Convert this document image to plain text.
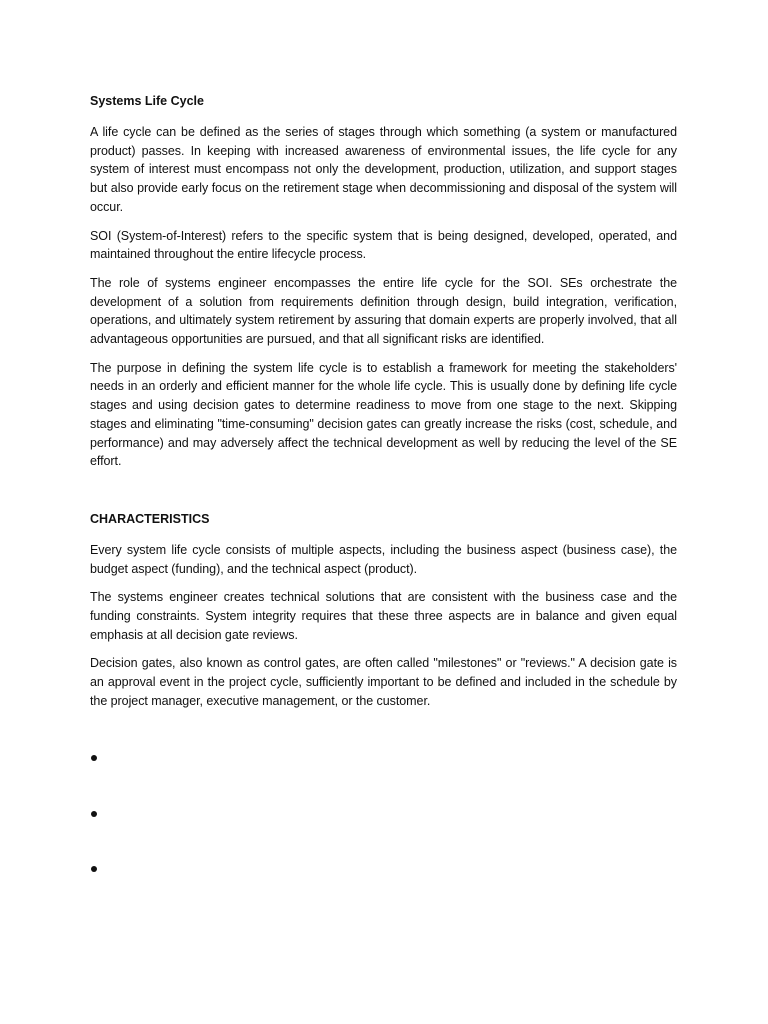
Systems Life Cycle

A life cycle can be defined as the series of stages through which something (a system or manufactured product) passes. In keeping with increased awareness of environmental issues, the life cycle for any system of interest must encompass not only the development, production, utilization, and support stages but also provide early focus on the retirement stage when decommissioning and disposal of the system will occur.

SOI (System-of-Interest) refers to the specific system that is being designed, developed, operated, and maintained throughout the entire lifecycle process.

The role of systems engineer encompasses the entire life cycle for the SOI. SEs orchestrate the development of a solution from requirements definition through design, build integration, verification, operations, and ultimately system retirement by assuring that domain experts are properly involved, that all advantageous opportunities are pursued, and that all significant risks are identified.

The purpose in defining the system life cycle is to establish a framework for meeting the stakeholders' needs in an orderly and efficient manner for the whole life cycle. This is usually done by defining life cycle stages and using decision gates to determine readiness to move from one stage to the next. Skipping stages and eliminating "time-consuming" decision gates can greatly increase the risks (cost, schedule, and performance) and may adversely affect the technical development as well by reducing the level of the SE effort.

CHARACTERISTICS

Every system life cycle consists of multiple aspects, including the business aspect (business case), the budget aspect (funding), and the technical aspect (product).

The systems engineer creates technical solutions that are consistent with the business case and the funding constraints. System integrity requires that these three aspects are in balance and given equal emphasis at all decision gate reviews.

Decision gates, also known as control gates, are often called "milestones" or "reviews." A decision gate is an approval event in the project cycle, sufficiently important to be defined and included in the schedule by the project manager, executive management, or the customer.
